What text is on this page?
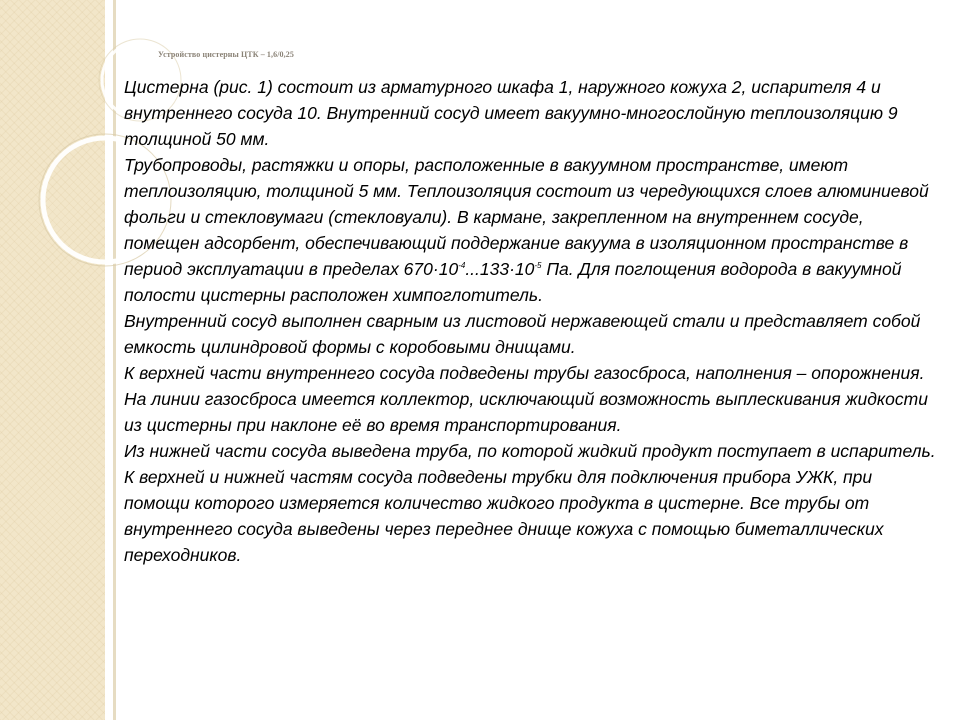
Устройство цистерны ЦТК – 1,6/0,25

Цистерна (рис. 1) состоит из арматурного шкафа 1, наружного кожуха 2, испарителя 4 и внутреннего сосуда 10. Внутренний сосуд имеет вакуумно-многослойную теплоизоляцию 9 толщиной 50 мм.

Трубопроводы, растяжки и опоры, расположенные в вакуумном пространстве, имеют теплоизоляцию, толщиной 5 мм. Теплоизоляция состоит из чередующихся слоев алюминиевой фольги и стекловумаги (стекловуали). В кармане, закрепленном на внутреннем сосуде, помещен адсорбент, обеспечивающий поддержание вакуума в изоляционном пространстве в период эксплуатации в пределах $670\cdot 10^{-4}...133\cdot 10^{-5}$ Па. Для поглощения водорода в вакуумной полости цистерны расположен химпоглотитель.

Внутренний сосуд выполнен сварным из листовой нержавеющей стали и представляет собой емкость цилиндровой формы с коробовыми днищами.

К верхней части внутреннего сосуда подведены трубы газосброса, наполнения – опорожнения. На линии газосброса имеется коллектор, исключающий возможность выплескивания жидкости из цистерны при наклоне её во время транспортирования.

Из нижней части сосуда выведена труба, по которой жидкий продукт поступает в испаритель. К верхней и нижней частям сосуда подведены трубки для подключения прибора УЖК, при помощи которого измеряется количество жидкого продукта в цистерне. Все трубы от внутреннего сосуда выведены через переднее днище кожуха с помощью биметаллических переходников.
